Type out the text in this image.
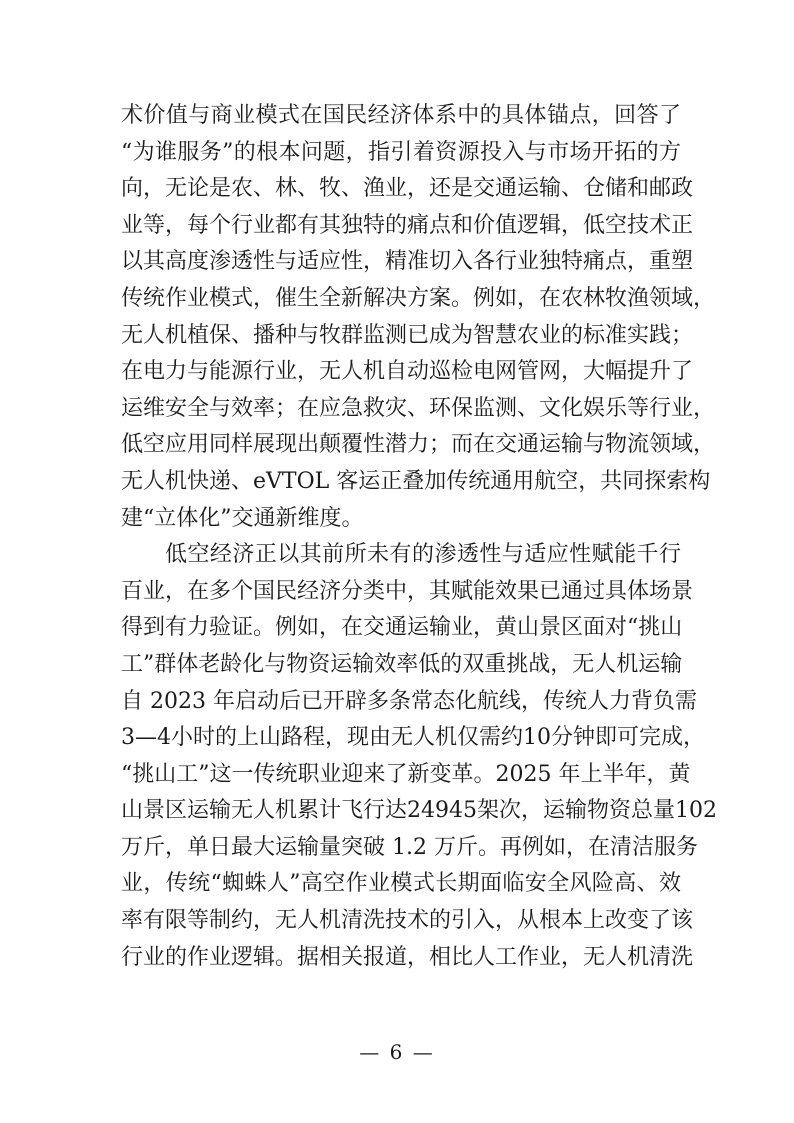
术价值与商业模式在国民经济体系中的具体锚点，回答了
“为谁服务”的根本问题，指引着资源投入与市场开拓的方
向，无论是农、林、牧、渔业，还是交通运输、仓储和邮政
业等，每个行业都有其独特的痛点和价值逻辑，低空技术正
以其高度渗透性与适应性，精准切入各行业独特痛点，重塑
传统作业模式，催生全新解决方案。例如，在农林牧渔领域，
无人机植保、播种与牧群监测已成为智慧农业的标准实践；
在电力与能源行业，无人机自动巡检电网管网，大幅提升了
运维安全与效率；在应急救灾、环保监测、文化娱乐等行业，
低空应用同样展现出颠覆性潜力；而在交通运输与物流领域，
无人机快递、eVTOL 客运正叠加传统通用航空，共同探索构
建“立体化”交通新维度。
低空经济正以其前所未有的渗透性与适应性赋能千行
百业，在多个国民经济分类中，其赋能效果已通过具体场景
得到有力验证。例如，在交通运输业，黄山景区面对“挑山
工”群体老龄化与物资运输效率低的双重挑战，无人机运输
自 2023 年启动后已开辟多条常态化航线，传统人力背负需
3—4小时的上山路程，现由无人机仅需约10分钟即可完成，
“挑山工”这一传统职业迎来了新变革。2025 年上半年，黄
山景区运输无人机累计飞行达24945架次，运输物资总量102
万斤，单日最大运输量突破 1.2 万斤。再例如，在清洁服务
业，传统“蜘蛛人”高空作业模式长期面临安全风险高、效
率有限等制约，无人机清洗技术的引入，从根本上改变了该
行业的作业逻辑。据相关报道，相比人工作业，无人机清洗
— 6 —
